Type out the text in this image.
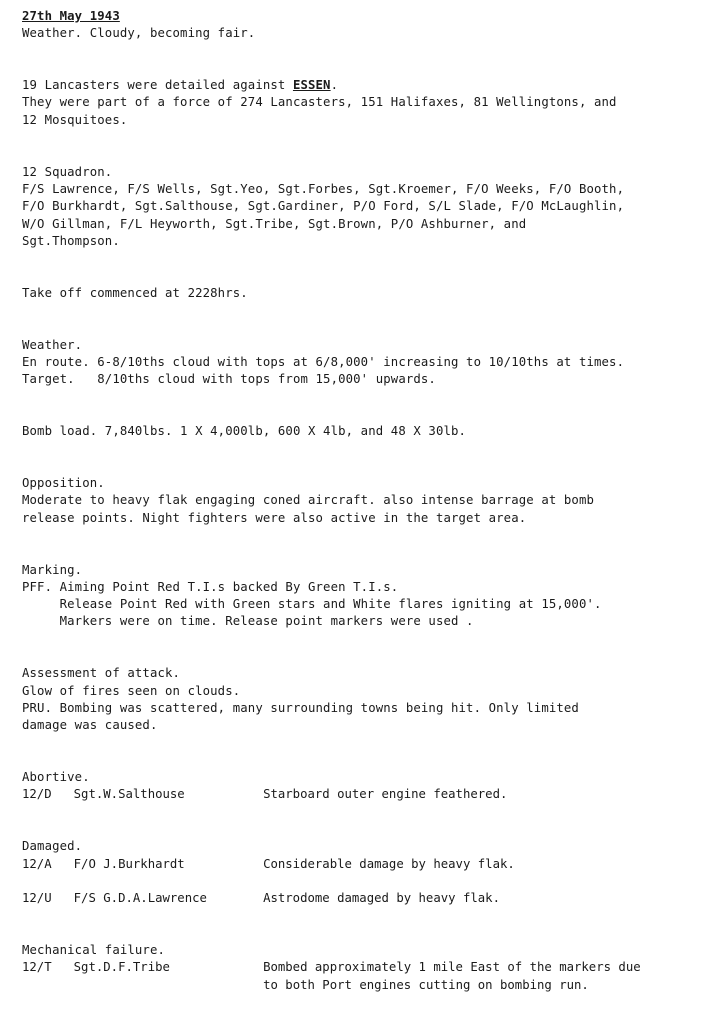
27th May 1943
Weather. Cloudy, becoming fair.

19 Lancasters were detailed against ESSEN.
They were part of a force of 274 Lancasters, 151 Halifaxes, 81 Wellingtons, and
12 Mosquitoes.

12 Squadron.
F/S Lawrence, F/S Wells, Sgt.Yeo, Sgt.Forbes, Sgt.Kroemer, F/O Weeks, F/O Booth,
F/O Burkhardt, Sgt.Salthouse, Sgt.Gardiner, P/O Ford, S/L Slade, F/O McLaughlin,
W/O Gillman, F/L Heyworth, Sgt.Tribe, Sgt.Brown, P/O Ashburner, and
Sgt.Thompson.

Take off commenced at 2228hrs.

Weather.
En route. 6-8/10ths cloud with tops at 6/8,000' increasing to 10/10ths at times.
Target.   8/10ths cloud with tops from 15,000' upwards.

Bomb load. 7,840lbs. 1 X 4,000lb, 600 X 4lb, and 48 X 30lb.

Opposition.
Moderate to heavy flak engaging coned aircraft. also intense barrage at bomb
release points. Night fighters were also active in the target area.

Marking.
PFF. Aiming Point Red T.I.s backed By Green T.I.s.
Release Point Red with Green stars and White flares igniting at 15,000'.
Markers were on time. Release point markers were used .

Assessment of attack.
Glow of fires seen on clouds.
PRU. Bombing was scattered, many surrounding towns being hit. Only limited
damage was caused.

Abortive.
12/D Sgt.W.Salthouse	Starboard outer engine feathered.

Damaged.
12/A F/O J.Burkhardt	Considerable damage by heavy flak.

12/U F/S G.D.A.Lawrence	Astrodome damaged by heavy flak.

Mechanical failure.
12/T Sgt.D.F.Tribe	Bombed approximately 1 mile East of the markers due
to both Port engines cutting on bombing run.
